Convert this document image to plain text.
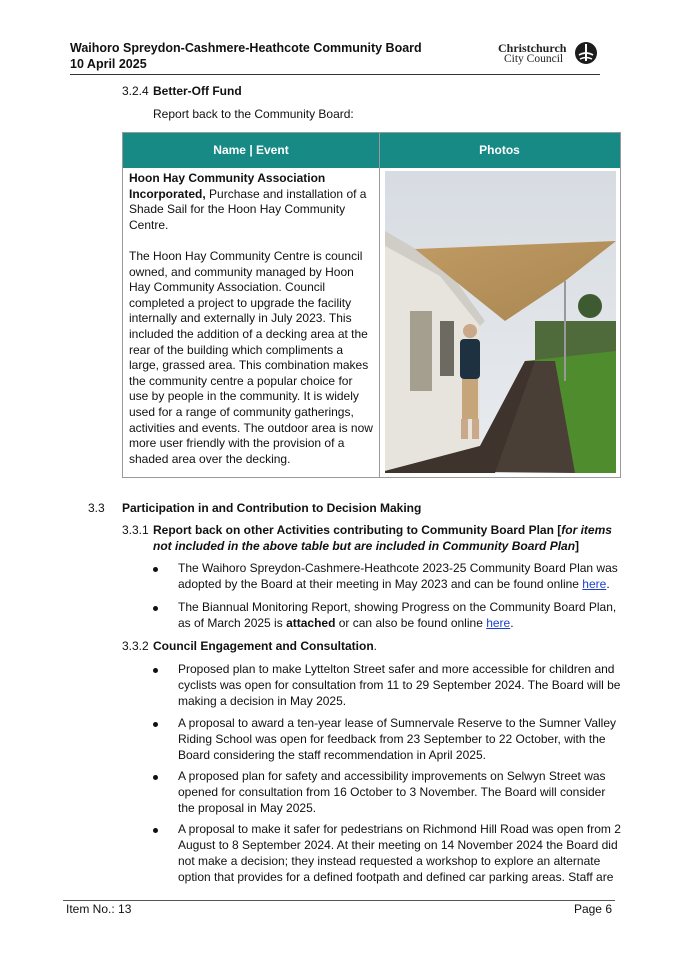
Waihoro Spreydon-Cashmere-Heathcote Community Board
10 April 2025
Christchurch
City Council
3.2.4 Better-Off Fund
Report back to the Community Board:
Name | Event	Photos

Hoon Hay Community Association Incorporated, Purchase and installation of a Shade Sail for the Hoon Hay Community Centre.

The Hoon Hay Community Centre is council owned, and community managed by Hoon Hay Community Association. Council completed a project to upgrade the facility internally and externally in July 2023. This included the addition of a decking area at the rear of the building which compliments a large, grassed area. This combination makes the community centre a popular choice for use by people in the community. It is widely used for a range of community gatherings, activities and events. The outdoor area is now more user friendly with the provision of a shaded area over the decking.

3.3 Participation in and Contribution to Decision Making
3.3.1 Report back on other Activities contributing to Community Board Plan [for items
not included in the above table but are included in Community Board Plan]
The Waihoro Spreydon-Cashmere-Heathcote 2023-25 Community Board Plan was
adopted by the Board at their meeting in May 2023 and can be found online here.
The Biannual Monitoring Report, showing Progress on the Community Board Plan,
as of March 2025 is attached or can also be found online here.
3.3.2 Council Engagement and Consultation.
Proposed plan to make Lyttelton Street safer and more accessible for children and
cyclists was open for consultation from 11 to 29 September 2024. The Board will be
making a decision in May 2025.
A proposal to award a ten-year lease of Sumnervale Reserve to the Sumner Valley
Riding School was open for feedback from 23 September to 22 October, with the
Board considering the staff recommendation in April 2025.
A proposed plan for safety and accessibility improvements on Selwyn Street was
opened for consultation from 16 October to 3 November. The Board will consider
the proposal in May 2025.
A proposal to make it safer for pedestrians on Richmond Hill Road was open from 2
August to 8 September 2024. At their meeting on 14 November 2024 the Board did
not make a decision; they instead requested a workshop to explore an alternate
option that provides for a defined footpath and defined car parking areas. Staff are
Item No.: 13	Page 6
